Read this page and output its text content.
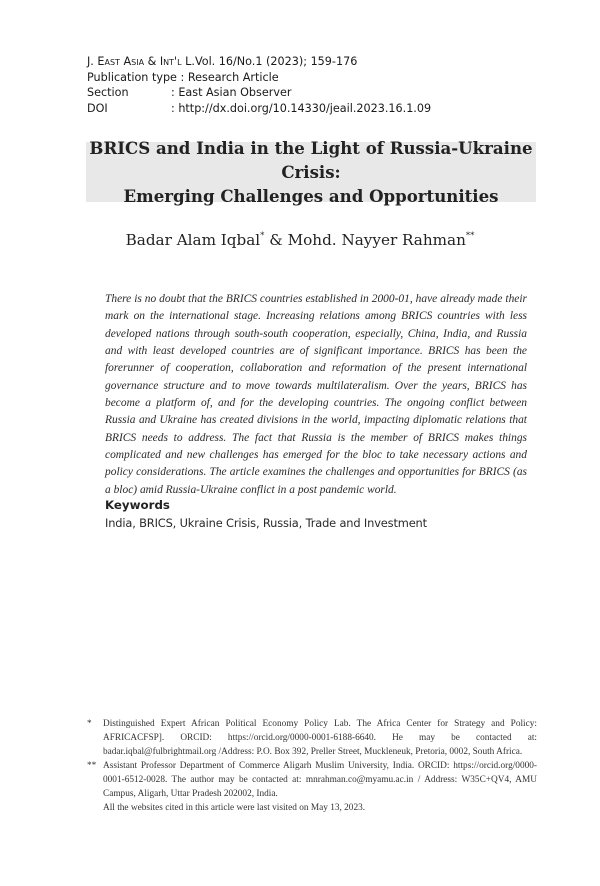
J. East Asia & Int'l L. Vol. 16/No.1 (2023); 159-176
Publication type
: Research Article
Section	: East Asian Observer
DOI	: http://dx.doi.org/10.14330/jeail.2023.16.1.09
BRICS and India in the Light of Russia-Ukraine Crisis:
Emerging Challenges and Opportunities
Badar Alam Iqbal* & Mohd. Nayyer Rahman**
There is no doubt that the BRICS countries established in 2000-01, have already made their mark on the international stage. Increasing relations among BRICS countries with less developed nations through south-south cooperation, especially, China, India, and Russia and with least developed countries are of significant importance. BRICS has been the forerunner of cooperation, collaboration and reformation of the present international governance structure and to move towards multilateralism. Over the years, BRICS has become a platform of, and for the developing countries. The ongoing conflict between Russia and Ukraine has created divisions in the world, impacting diplomatic relations that BRICS needs to address. The fact that Russia is the member of BRICS makes things complicated and new challenges has emerged for the bloc to take necessary actions and policy considerations. The article examines the challenges and opportunities for BRICS (as a bloc) amid Russia-Ukraine conflict in a post pandemic world.
Keywords
India, BRICS, Ukraine Crisis, Russia, Trade and Investment
* Distinguished Expert African Political Economy Policy Lab. The Africa Center for Strategy and Policy: AFRICACFSP]. ORCID: https://orcid.org/0000-0001-6188-6640. He may be contacted at: badar.iqbal@fulbrightmail.org /Address: P.O. Box 392, Preller Street, Muckleneuk, Pretoria, 0002, South Africa.
** Assistant Professor Department of Commerce Aligarh Muslim University, India. ORCID: https://orcid.org/0000-0001-6512-0028. The author may be contacted at: mnrahman.co@myamu.ac.in / Address: W35C+QV4, AMU Campus, Aligarh, Uttar Pradesh 202002, India.
All the websites cited in this article were last visited on May 13, 2023.
